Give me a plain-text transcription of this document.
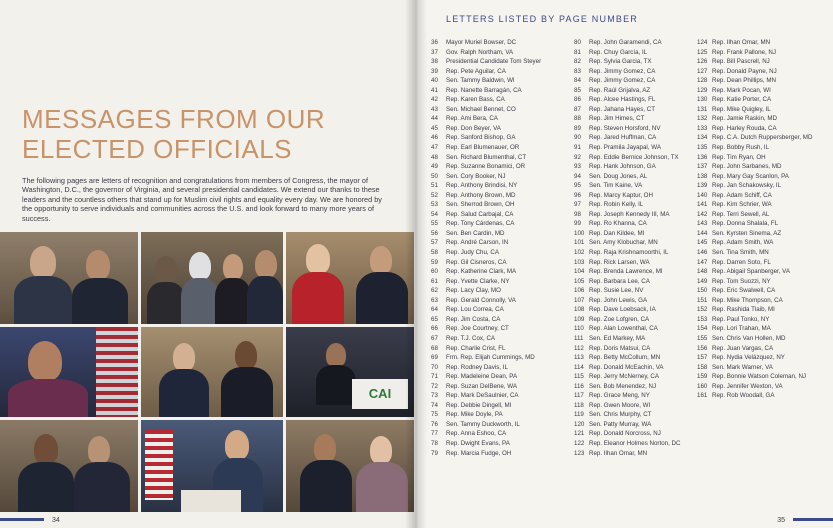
MESSAGES FROM OUR
ELECTED OFFICIALS

The following pages are letters of recognition and congratulations from members of Congress, the mayor of Washington, D.C., the governor of Virginia, and several presidential candidates. We extend our thanks to these leaders and the countless others that stand up for Muslim civil rights and equality every day. We are honored by the opportunity to serve individuals and communities across the U.S. and look forward to many more years of success.

CAI
34	35
LETTERS LISTED BY PAGE NUMBER
36 Mayor Muriel Bowser, DC
37 Gov. Ralph Northam, VA
38 Presidential Candidate Tom Steyer
39 Rep. Pete Aguilar, CA
40 Sen. Tammy Baldwin, WI
41 Rep. Nanette Barragán, CA
42 Rep. Karen Bass, CA
43 Sen. Michael Bennet, CO
44 Rep. Ami Bera, CA
45 Rep. Don Beyer, VA
46 Rep. Sanford Bishop, GA
47 Rep. Earl Blumenauer, OR
48 Sen. Richard Blumenthal, CT
49 Rep. Suzanne Bonamici, OR
50 Sen. Cory Booker, NJ
51 Rep. Anthony Brindisi, NY
52 Rep. Anthony Brown, MD
53 Sen. Sherrod Brown, OH
54 Rep. Salud Carbajal, CA
55 Rep. Tony Cárdenas, CA
56 Sen. Ben Cardin, MD
57 Rep. André Carson, IN
58 Rep. Judy Chu, CA
59 Rep. Gil Cisneros, CA
60 Rep. Katherine Clark, MA
61 Rep. Yvette Clarke, NY
62 Rep. Lacy Clay, MO
63 Rep. Gerald Connolly, VA
64 Rep. Lou Correa, CA
65 Rep. Jim Costa, CA
66 Rep. Joe Courtney, CT
67 Rep. T.J. Cox, CA
68 Rep. Charlie Crist, FL
69 Frm. Rep. Elijah Cummings, MD
70 Rep. Rodney Davis, IL
71 Rep. Madeleine Dean, PA
72 Rep. Suzan DelBene, WA
73 Rep. Mark DeSaulnier, CA
74 Rep. Debbie Dingell, MI
75 Rep. Mike Doyle, PA
76 Sen. Tammy Duckworth, IL
77 Rep. Anna Eshoo, CA
78 Rep. Dwight Evans, PA
79 Rep. Marcia Fudge, OH
80 Rep. John Garamendi, CA
81 Rep. Chuy García, IL
82 Rep. Sylvia Garcia, TX
83 Rep. Jimmy Gomez, CA
84 Rep. Jimmy Gomez, CA
85 Rep. Raúl Grijalva, AZ
86 Rep. Alcee Hastings, FL
87 Rep. Jahana Hayes, CT
88 Rep. Jim Himes, CT
89 Rep. Steven Horsford, NV
90 Rep. Jared Huffman, CA
91 Rep. Pramila Jayapal, WA
92 Rep. Eddie Bernice Johnson, TX
93 Rep. Hank Johnson, GA
94 Sen. Doug Jones, AL
95 Sen. Tim Kaine, VA
96 Rep. Marcy Kaptur, OH
97 Rep. Robin Kelly, IL
98 Rep. Joseph Kennedy III, MA
99 Rep. Ro Khanna, CA
100 Rep. Dan Kildee, MI
101 Sen. Amy Klobuchar, MN
102 Rep. Raja Krishnamoorthi, IL
103 Rep. Rick Larsen, WA
104 Rep. Brenda Lawrence, MI
105 Rep. Barbara Lee, CA
106 Rep. Susie Lee, NV
107 Rep. John Lewis, GA
108 Rep. Dave Loebsack, IA
109 Rep. Zoe Lofgren, CA
110 Rep. Alan Lowenthal, CA
111 Sen. Ed Markey, MA
112 Rep. Doris Matsui, CA
113 Rep. Betty McCollum, MN
114 Rep. Donald McEachin, VA
115 Rep. Jerry McNerney, CA
116 Sen. Bob Menendez, NJ
117 Rep. Grace Meng, NY
118 Rep. Gwen Moore, WI
119 Sen. Chris Murphy, CT
120 Sen. Patty Murray, WA
121 Rep. Donald Norcross, NJ
122 Rep. Eleanor Holmes Norton, DC
123 Rep. Ilhan Omar, MN
124 Rep. Ilhan Omar, MN
125 Rep. Frank Pallone, NJ
126 Rep. Bill Pascrell, NJ
127 Rep. Donald Payne, NJ
128 Rep. Dean Phillips, MN
129 Rep. Mark Pocan, WI
130 Rep. Katie Porter, CA
131 Rep. Mike Quigley, IL
132 Rep. Jamie Raskin, MD
133 Rep. Harley Rouda, CA
134 Rep. C.A. Dutch Ruppersberger, MD
135 Rep. Bobby Rush, IL
136 Rep. Tim Ryan, OH
137 Rep. John Sarbanes, MD
138 Rep. Mary Gay Scanlon, PA
139 Rep. Jan Schakowsky, IL
140 Rep. Adam Schiff, CA
141 Rep. Kim Schrier, WA
142 Rep. Terri Sewell, AL
143 Rep. Donna Shalala, FL
144 Sen. Kyrsten Sinema, AZ
145 Rep. Adam Smith, WA
146 Sen. Tina Smith, MN
147 Rep. Darren Soto, FL
148 Rep. Abigail Spanberger, VA
149 Rep. Tom Suozzi, NY
150 Rep. Eric Swalwell, CA
151 Rep. Mike Thompson, CA
152 Rep. Rashida Tlaib, MI
153 Rep. Paul Tonko, NY
154 Rep. Lori Trahan, MA
155 Sen. Chris Van Hollen, MD
156 Rep. Juan Vargas, CA
157 Rep. Nydia Velázquez, NY
158 Sen. Mark Warner, VA
159 Rep. Bonnie Watson Coleman, NJ
160 Rep. Jennifer Wexton, VA
161 Rep. Rob Woodall, GA
